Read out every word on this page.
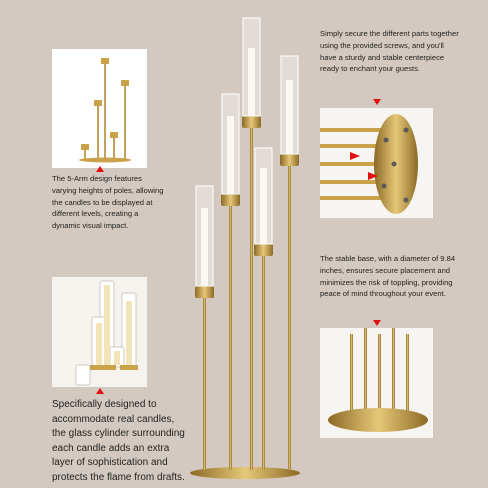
The 5-Arm design features varying heights of poles, allowing the candles to be displayed at different levels, creating a dynamic visual impact.
Specifically designed to accommodate real candles, the glass cylinder surrounding each candle adds an extra layer of sophistication and protects the flame from drafts.
Simply secure the different parts together using the provided screws, and you'll have a sturdy and stable centerpiece ready to enchant your guests.
The stable base, with a diameter of 9.84 inches, ensures secure placement and minimizes the risk of toppling, providing peace of mind throughout your event.
